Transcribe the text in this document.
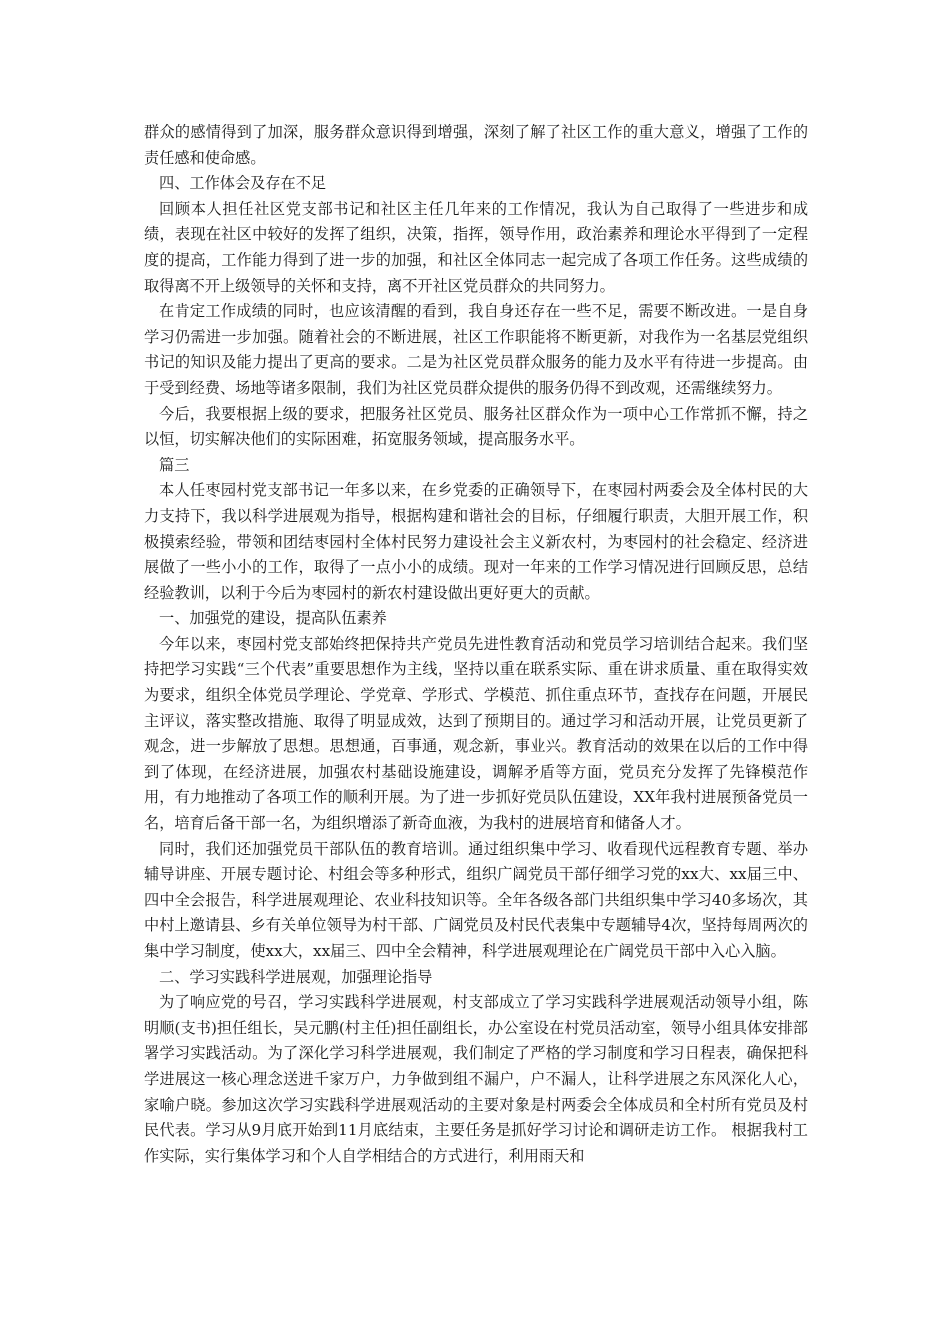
群众的感情得到了加深，服务群众意识得到增强，深刻了解了社区工作的重大意义，增强了工作的责任感和使命感。

四、工作体会及存在不足

回顾本人担任社区党支部书记和社区主任几年来的工作情况，我认为自己取得了一些进步和成绩，表现在社区中较好的发挥了组织，决策，指挥，领导作用，政治素养和理论水平得到了一定程度的提高，工作能力得到了进一步的加强，和社区全体同志一起完成了各项工作任务。这些成绩的取得离不开上级领导的关怀和支持，离不开社区党员群众的共同努力。

在肯定工作成绩的同时，也应该清醒的看到，我自身还存在一些不足，需要不断改进。一是自身学习仍需进一步加强。随着社会的不断进展，社区工作职能将不断更新，对我作为一名基层党组织书记的知识及能力提出了更高的要求。二是为社区党员群众服务的能力及水平有待进一步提高。由于受到经费、场地等诸多限制，我们为社区党员群众提供的服务仍得不到改观，还需继续努力。

今后，我要根据上级的要求，把服务社区党员、服务社区群众作为一项中心工作常抓不懈，持之以恒，切实解决他们的实际困难，拓宽服务领域，提高服务水平。

篇三

本人任枣园村党支部书记一年多以来，在乡党委的正确领导下，在枣园村两委会及全体村民的大力支持下，我以科学进展观为指导，根据构建和谐社会的目标，仔细履行职责，大胆开展工作，积极摸索经验，带领和团结枣园村全体村民努力建设社会主义新农村，为枣园村的社会稳定、经济进展做了一些小小的工作，取得了一点小小的成绩。现对一年来的工作学习情况进行回顾反思，总结经验教训，以利于今后为枣园村的新农村建设做出更好更大的贡献。

一、加强党的建设，提高队伍素养

今年以来，枣园村党支部始终把保持共产党员先进性教育活动和党员学习培训结合起来。我们坚持把学习实践“三个代表”重要思想作为主线，坚持以重在联系实际、重在讲求质量、重在取得实效为要求，组织全体党员学理论、学党章、学形式、学模范、抓住重点环节，查找存在问题，开展民主评议，落实整改措施、取得了明显成效，达到了预期目的。通过学习和活动开展，让党员更新了观念，进一步解放了思想。思想通，百事通，观念新，事业兴。教育活动的效果在以后的工作中得到了体现，在经济进展，加强农村基础设施建设，调解矛盾等方面，党员充分发挥了先锋模范作用，有力地推动了各项工作的顺利开展。为了进一步抓好党员队伍建设，XX年我村进展预备党员一名，培育后备干部一名，为组织增添了新奇血液，为我村的进展培育和储备人才。

同时，我们还加强党员干部队伍的教育培训。通过组织集中学习、收看现代远程教育专题、举办辅导讲座、开展专题讨论、村组会等多种形式，组织广阔党员干部仔细学习党的xx大、xx届三中、四中全会报告，科学进展观理论、农业科技知识等。全年各级各部门共组织集中学习40多场次，其中村上邀请县、乡有关单位领导为村干部、广阔党员及村民代表集中专题辅导4次，坚持每周两次的集中学习制度，使xx大，xx届三、四中全会精神，科学进展观理论在广阔党员干部中入心入脑。

二、学习实践科学进展观，加强理论指导

为了响应党的号召，学习实践科学进展观，村支部成立了学习实践科学进展观活动领导小组，陈明顺(支书)担任组长，吴元鹏(村主任)担任副组长，办公室设在村党员活动室，领导小组具体安排部署学习实践活动。为了深化学习科学进展观，我们制定了严格的学习制度和学习日程表，确保把科学进展这一核心理念送进千家万户，力争做到组不漏户，户不漏人，让科学进展之东风深化人心，家喻户晓。参加这次学习实践科学进展观活动的主要对象是村两委会全体成员和全村所有党员及村民代表。学习从9月底开始到11月底结束，主要任务是抓好学习讨论和调研走访工作。 根据我村工作实际，实行集体学习和个人自学相结合的方式进行，利用雨天和
